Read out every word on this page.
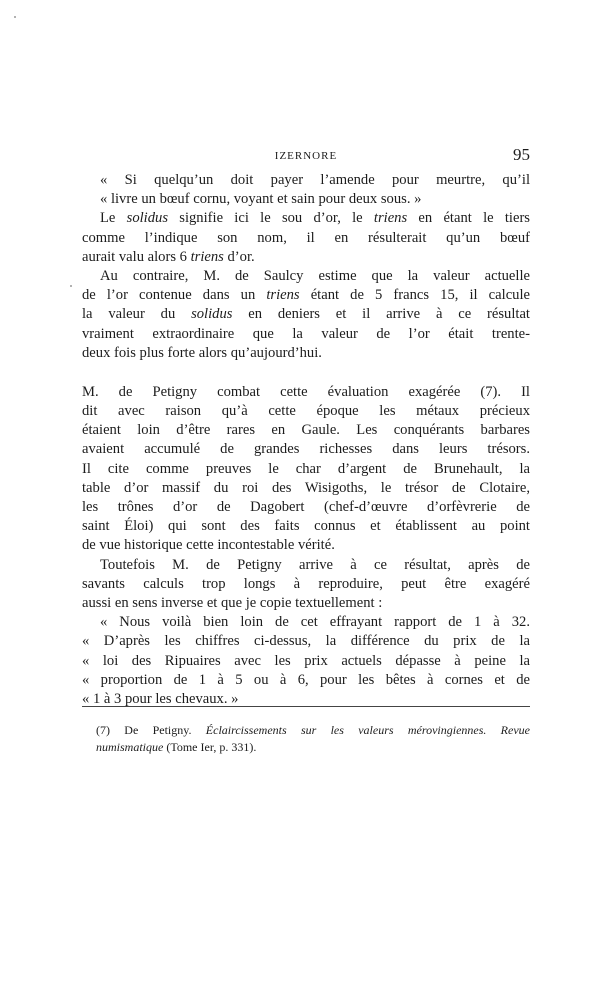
IZERNORE	95
« Si quelqu’un doit payer l’amende pour meurtre, qu’il
« livre un bœuf cornu, voyant et sain pour deux sous. »
Le solidus signifie ici le sou d’or, le triens en étant le tiers
comme l’indique son nom, il en résulterait qu’un bœuf
aurait valu alors 6 triens d’or.
Au contraire, M. de Saulcy estime que la valeur actuelle
de l’or contenue dans un triens étant de 5 francs 15, il calcule
la valeur du solidus en deniers et il arrive à ce résultat
vraiment extraordinaire que la valeur de l’or était trente-
deux fois plus forte alors qu’aujourd’hui.
M. de Petigny combat cette évaluation exagérée (7). Il
dit avec raison qu’à cette époque les métaux précieux
étaient loin d’être rares en Gaule. Les conquérants barbares
avaient accumulé de grandes richesses dans leurs trésors.
Il cite comme preuves le char d’argent de Brunehault, la
table d’or massif du roi des Wisigoths, le trésor de Clotaire,
les trônes d’or de Dagobert (chef-d’œuvre d’orfèvrerie de
saint Éloi) qui sont des faits connus et établissent au point
de vue historique cette incontestable vérité.
Toutefois M. de Petigny arrive à ce résultat, après de
savants calculs trop longs à reproduire, peut être exagéré
aussi en sens inverse et que je copie textuellement :
« Nous voilà bien loin de cet effrayant rapport de 1 à 32.
« D’après les chiffres ci-dessus, la différence du prix de la
« loi des Ripuaires avec les prix actuels dépasse à peine la
« proportion de 1 à 5 ou à 6, pour les bêtes à cornes et de
« 1 à 3 pour les chevaux. »
(7) De Petigny. Éclaircissements sur les valeurs mérovingiennes. Revue
numismatique (Tome Ier, p. 331).
